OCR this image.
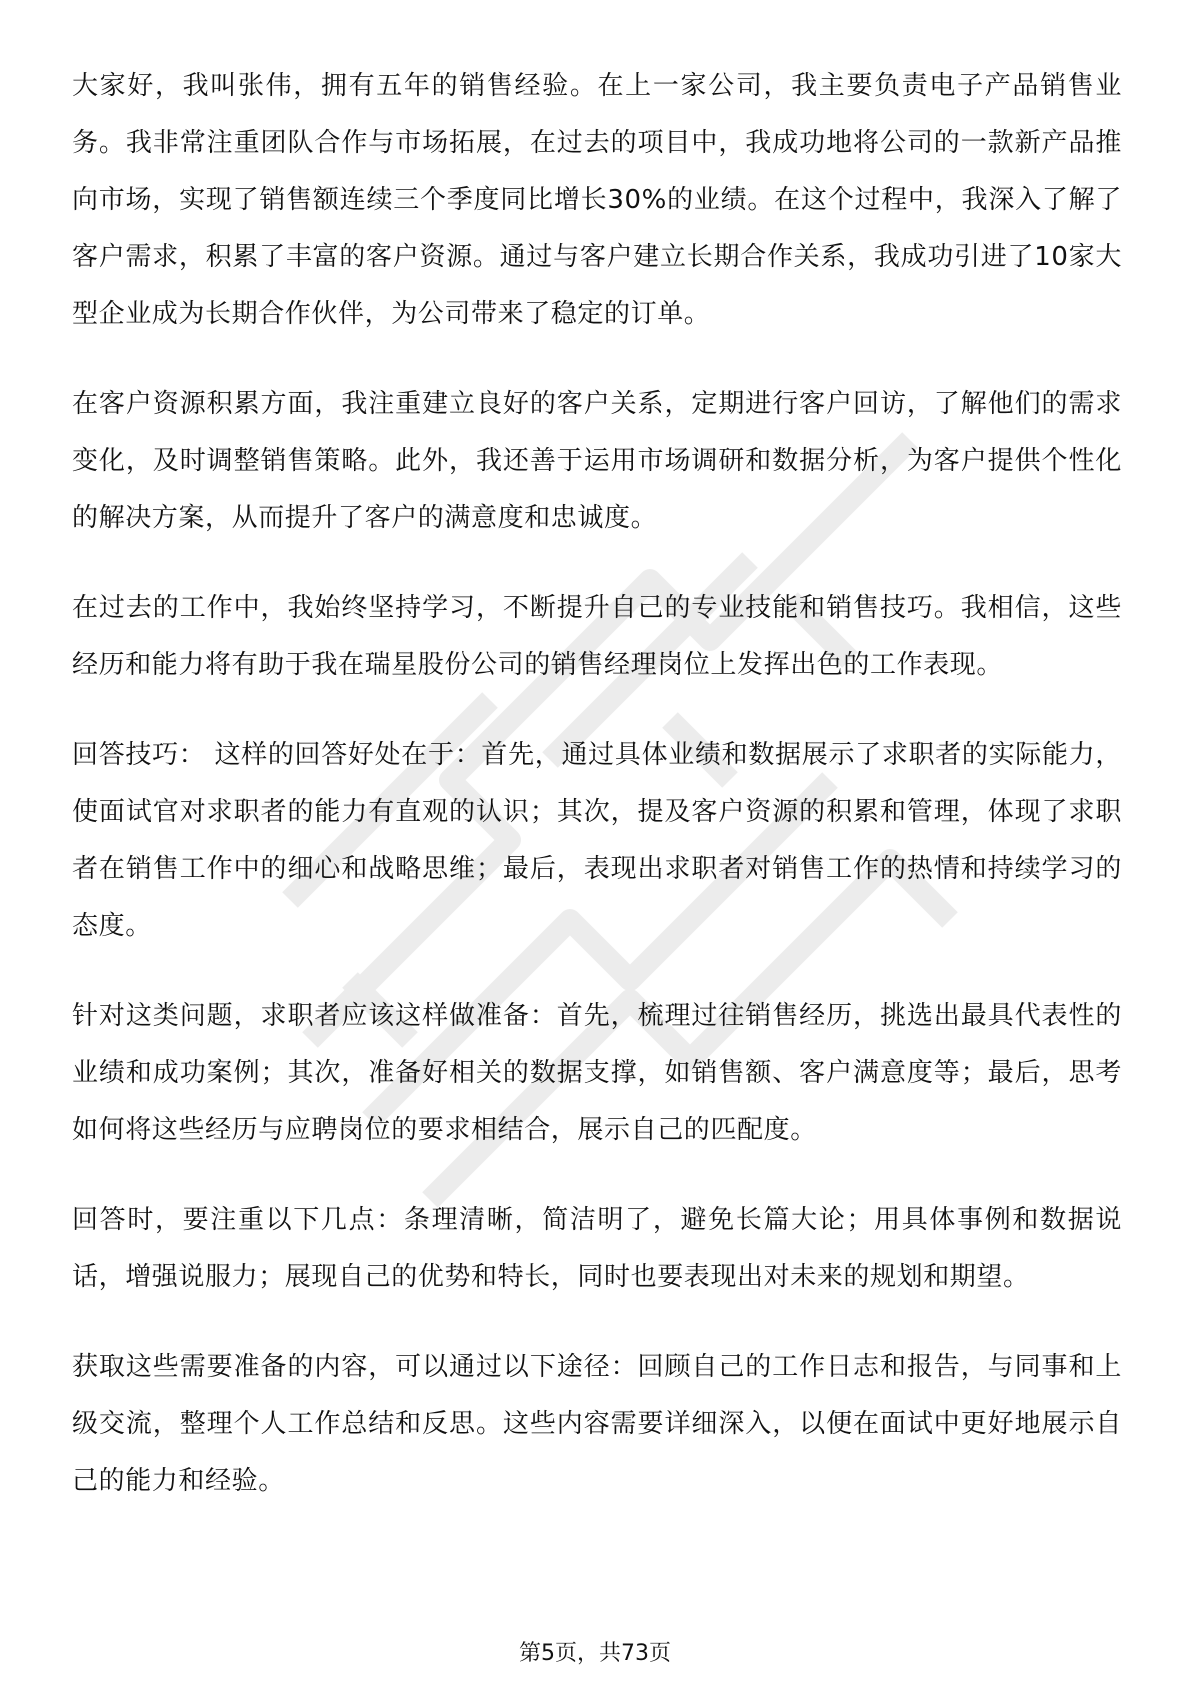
大家好，我叫张伟，拥有五年的销售经验。在上一家公司，我主要负责电子产品销售业务。我非常注重团队合作与市场拓展，在过去的项目中，我成功地将公司的一款新产品推向市场，实现了销售额连续三个季度同比增长30%的业绩。在这个过程中，我深入了解了客户需求，积累了丰富的客户资源。通过与客户建立长期合作关系，我成功引进了10家大型企业成为长期合作伙伴，为公司带来了稳定的订单。

在客户资源积累方面，我注重建立良好的客户关系，定期进行客户回访，了解他们的需求变化，及时调整销售策略。此外，我还善于运用市场调研和数据分析，为客户提供个性化的解决方案，从而提升了客户的满意度和忠诚度。

在过去的工作中，我始终坚持学习，不断提升自己的专业技能和销售技巧。我相信，这些经历和能力将有助于我在瑞星股份公司的销售经理岗位上发挥出色的工作表现。

回答技巧： 这样的回答好处在于：首先，通过具体业绩和数据展示了求职者的实际能力，使面试官对求职者的能力有直观的认识；其次，提及客户资源的积累和管理，体现了求职者在销售工作中的细心和战略思维；最后，表现出求职者对销售工作的热情和持续学习的态度。

针对这类问题，求职者应该这样做准备：首先，梳理过往销售经历，挑选出最具代表性的业绩和成功案例；其次，准备好相关的数据支撑，如销售额、客户满意度等；最后，思考如何将这些经历与应聘岗位的要求相结合，展示自己的匹配度。

回答时，要注重以下几点：条理清晰，简洁明了，避免长篇大论；用具体事例和数据说话，增强说服力；展现自己的优势和特长，同时也要表现出对未来的规划和期望。

获取这些需要准备的内容，可以通过以下途径：回顾自己的工作日志和报告，与同事和上级交流，整理个人工作总结和反思。这些内容需要详细深入，以便在面试中更好地展示自己的能力和经验。

第5页，共73页
